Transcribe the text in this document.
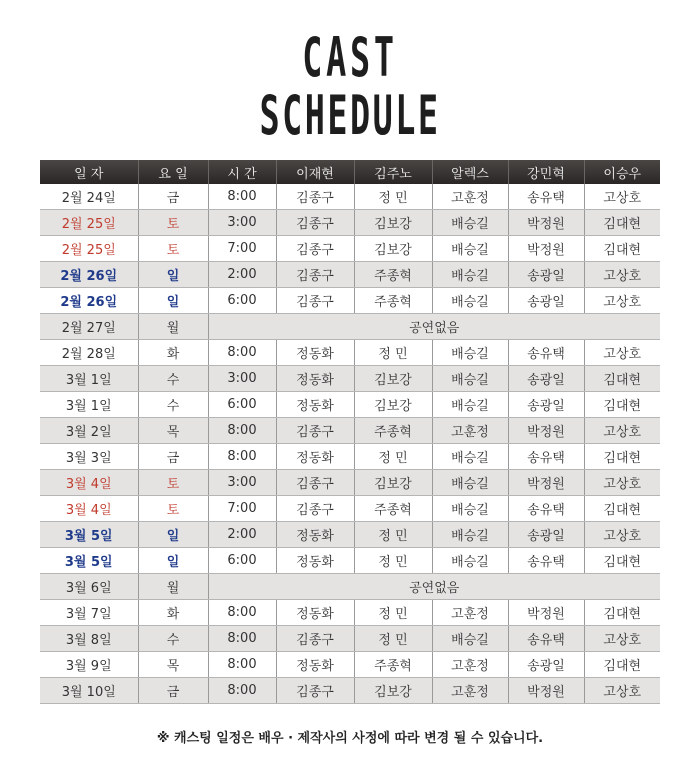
CAST
SCHEDULE
일 자	요 일	시 간	이재현	김주노	알렉스	강민혁	이승우
2월 24일	금	8:00	김종구	정 민	고훈정	송유택	고상호
2월 25일	토	3:00	김종구	김보강	배승길	박정원	김대현
2월 25일	토	7:00	김종구	김보강	배승길	박정원	김대현
2월 26일	일	2:00	김종구	주종혁	배승길	송광일	고상호
2월 26일	일	6:00	김종구	주종혁	배승길	송광일	고상호
2월 27일	월	공연없음					
2월 28일	화	8:00	정동화	정 민	배승길	송유택	고상호
3월 1일	수	3:00	정동화	김보강	배승길	송광일	김대현
3월 1일	수	6:00	정동화	김보강	배승길	송광일	김대현
3월 2일	목	8:00	김종구	주종혁	고훈정	박정원	고상호
3월 3일	금	8:00	정동화	정 민	배승길	송유택	김대현
3월 4일	토	3:00	김종구	김보강	배승길	박정원	고상호
3월 4일	토	7:00	김종구	주종혁	배승길	송유택	김대현
3월 5일	일	2:00	정동화	정 민	배승길	송광일	고상호
3월 5일	일	6:00	정동화	정 민	배승길	송유택	김대현
3월 6일	월	공연없음					
3월 7일	화	8:00	정동화	정 민	고훈정	박정원	김대현
3월 8일	수	8:00	김종구	정 민	배승길	송유택	고상호
3월 9일	목	8:00	정동화	주종혁	고훈정	송광일	김대현
3월 10일	금	8:00	김종구	김보강	고훈정	박정원	고상호
※ 캐스팅 일정은 배우 · 제작사의 사정에 따라 변경 될 수 있습니다.
